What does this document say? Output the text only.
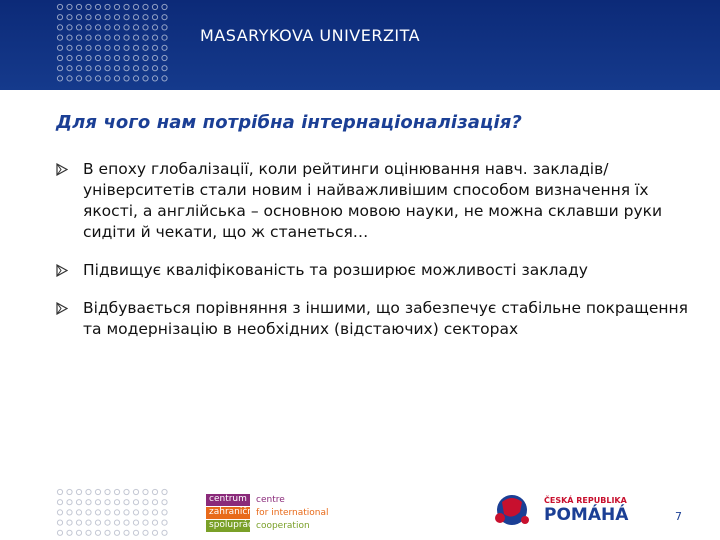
MASARYKOVA UNIVERZITA
Для чого нам потрібна інтернаціоналізація?
В епоху глобалізації, коли рейтинги оцінювання навч. закладів/ університетів стали новим і найважливішим способом визначення їх якості, а англійська – основною мовою науки, не можна склавши руки сидіти й чекати, що ж станеться…
Підвищує кваліфікованість та розширює можливості закладу
Відбувається порівняння з іншими, що забезпечує стабільне покращення та модернізацію в необхідних (відстаючих) секторах
centrum	centre
zahraniční for international
spolupráce
cooperation
ČESKÁ REPUBLIKA
POMÁHÁ	7
